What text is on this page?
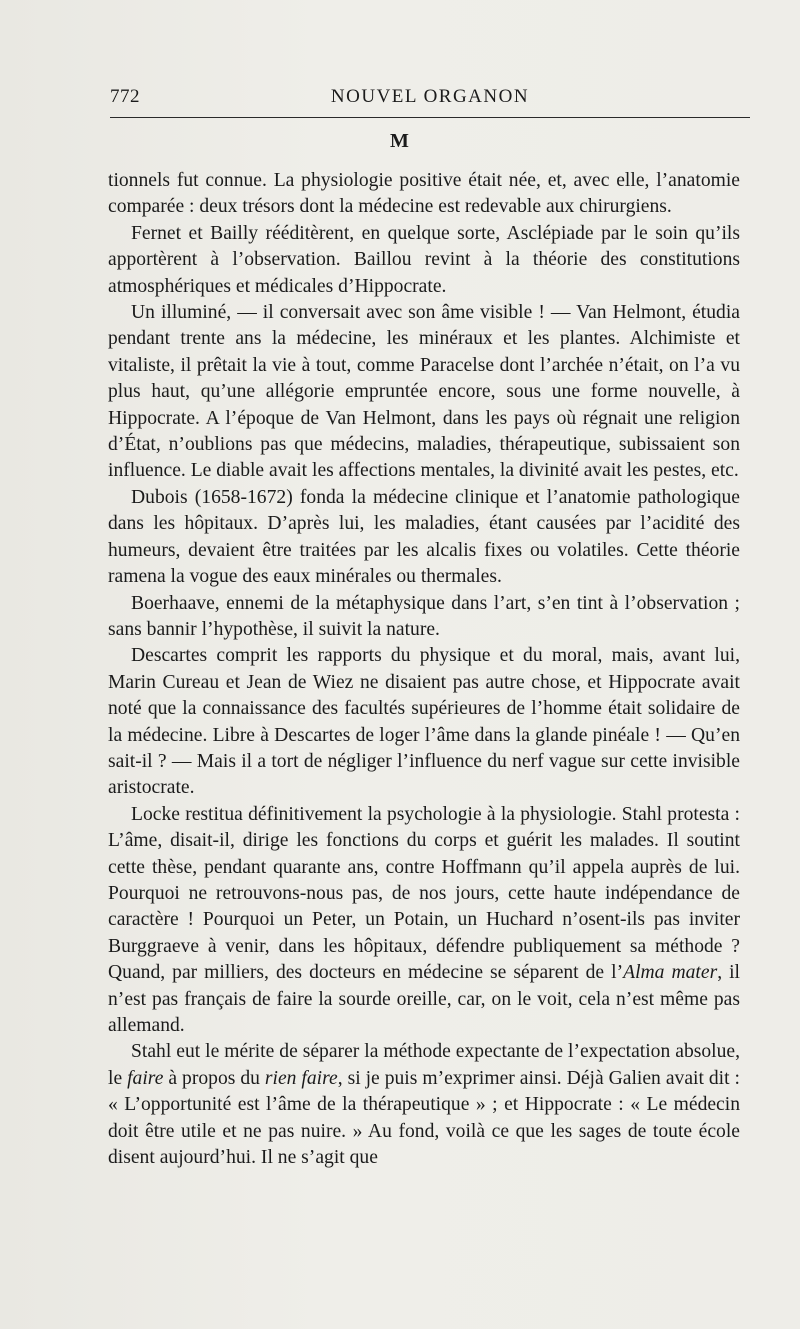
772	NOUVEL ORGANON
M

tionnels fut connue. La physiologie positive était née, et, avec elle, l’anatomie comparée : deux trésors dont la médecine est redevable aux chirurgiens.

Fernet et Bailly rééditèrent, en quelque sorte, Asclépiade par le soin qu’ils apportèrent à l’observation. Baillou revint à la théorie des constitutions atmosphériques et médicales d’Hippocrate.

Un illuminé, — il conversait avec son âme visible ! — Van Helmont, étudia pendant trente ans la médecine, les minéraux et les plantes. Alchimiste et vitaliste, il prêtait la vie à tout, comme Paracelse dont l’archée n’était, on l’a vu plus haut, qu’une allégorie empruntée encore, sous une forme nouvelle, à Hippocrate. A l’époque de Van Helmont, dans les pays où régnait une religion d’État, n’oublions pas que médecins, maladies, thérapeutique, subissaient son influence. Le diable avait les affections mentales, la divinité avait les pestes, etc.

Dubois (1658-1672) fonda la médecine clinique et l’anatomie pathologique dans les hôpitaux. D’après lui, les maladies, étant causées par l’acidité des humeurs, devaient être traitées par les alcalis fixes ou volatiles. Cette théorie ramena la vogue des eaux minérales ou thermales.

Boerhaave, ennemi de la métaphysique dans l’art, s’en tint à l’observation ; sans bannir l’hypothèse, il suivit la nature.

Descartes comprit les rapports du physique et du moral, mais, avant lui, Marin Cureau et Jean de Wiez ne disaient pas autre chose, et Hippocrate avait noté que la connaissance des facultés supérieures de l’homme était solidaire de la médecine. Libre à Descartes de loger l’âme dans la glande pinéale ! — Qu’en sait-il ? — Mais il a tort de négliger l’influence du nerf vague sur cette invisible aristocrate.

Locke restitua définitivement la psychologie à la physiologie. Stahl protesta : L’âme, disait-il, dirige les fonctions du corps et guérit les malades. Il soutint cette thèse, pendant quarante ans, contre Hoffmann qu’il appela auprès de lui. Pourquoi ne retrouvons-nous pas, de nos jours, cette haute indépendance de caractère ! Pourquoi un Peter, un Potain, un Huchard n’osent-ils pas inviter Burggraeve à venir, dans les hôpitaux, défendre publiquement sa méthode ? Quand, par milliers, des docteurs en médecine se séparent de l’Alma mater, il n’est pas français de faire la sourde oreille, car, on le voit, cela n’est même pas allemand.

Stahl eut le mérite de séparer la méthode expectante de l’expectation absolue, le faire à propos du rien faire, si je puis m’exprimer ainsi. Déjà Galien avait dit : « L’opportunité est l’âme de la thérapeutique » ; et Hippocrate : « Le médecin doit être utile et ne pas nuire. » Au fond, voilà ce que les sages de toute école disent aujourd’hui. Il ne s’agit que
